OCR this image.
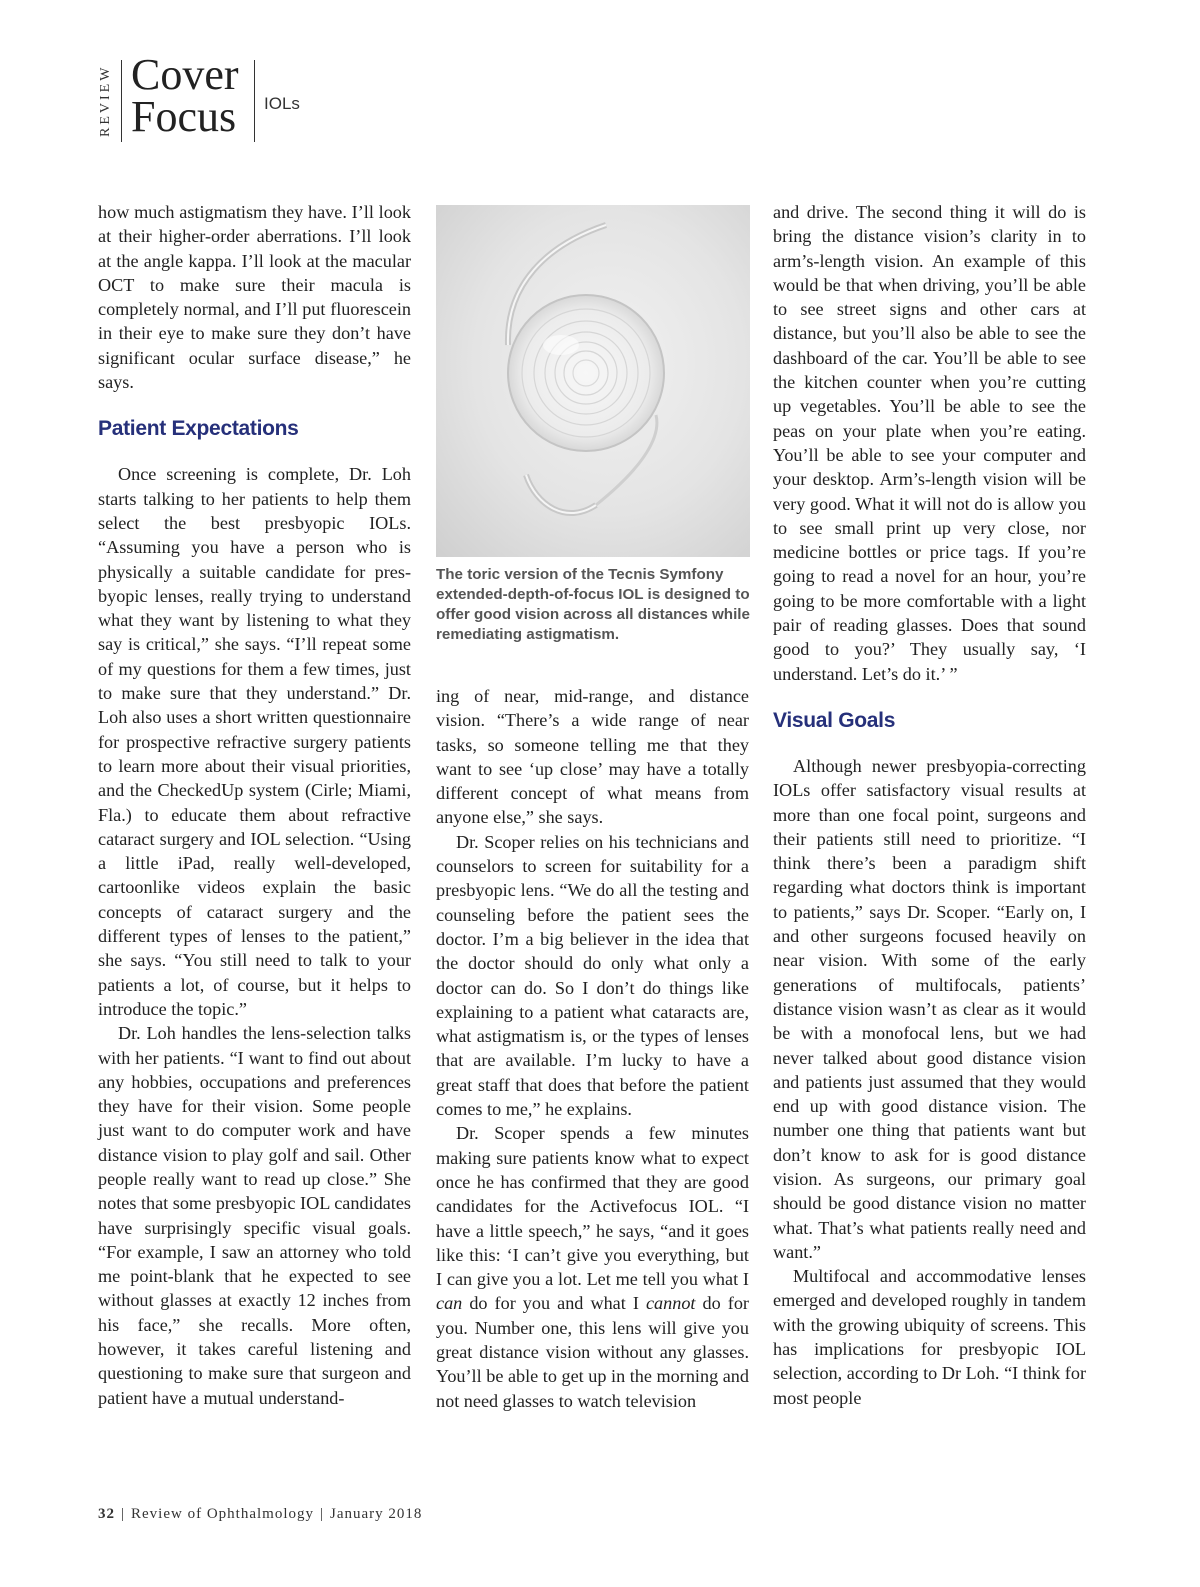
REVIEW Cover
Focus IOLs

how much astigmatism they have. I’ll look at their higher-order aberrations. I’ll look at the angle kappa. I’ll look at the macular OCT to make sure their macula is completely normal, and I’ll put fluorescein in their eye to make sure they don’t have significant ocular surface disease,” he says.

Patient Expectations

Once screening is complete, Dr. Loh starts talking to her patients to help them select the best presbyopic IOLs. “Assuming you have a person who is physically a suitable candidate for presbyopic lenses, really trying to understand what they want by listening to what they say is critical,” she says. “I’ll repeat some of my questions for them a few times, just to make sure that they understand.” Dr. Loh also uses a short written questionnaire for prospective refractive surgery patients to learn more about their visual priorities, and the CheckedUp system (Cirle; Miami, Fla.) to educate them about refractive cataract surgery and IOL selection. “Using a little iPad, really well-developed, cartoonlike videos explain the basic concepts of cataract surgery and the different types of lenses to the patient,” she says. “You still need to talk to your patients a lot, of course, but it helps to introduce the topic.”

Dr. Loh handles the lens-selection talks with her patients. “I want to find out about any hobbies, occupations and preferences they have for their vision. Some people just want to do computer work and have distance vision to play golf and sail. Other people really want to read up close.” She notes that some presbyopic IOL candidates have surprisingly specific visual goals. “For example, I saw an attorney who told me point-blank that he expected to see without glasses at exactly 12 inches from his face,” she recalls. More often, however, it takes careful listening and questioning to make sure that surgeon and patient have a mutual understand-

The toric version of the Tecnis Symfony extended-depth-of-focus IOL is designed to offer good vision across all distances while remediating astigmatism.

ing of near, mid-range, and distance vision. “There’s a wide range of near tasks, so someone telling me that they want to see ‘up close’ may have a totally different concept of what means from anyone else,” she says.

Dr. Scoper relies on his technicians and counselors to screen for suitability for a presbyopic lens. “We do all the testing and counseling before the patient sees the doctor. I’m a big believer in the idea that the doctor should do only what only a doctor can do. So I don’t do things like explaining to a patient what cataracts are, what astigmatism is, or the types of lenses that are available. I’m lucky to have a great staff that does that before the patient comes to me,” he explains.

Dr. Scoper spends a few minutes making sure patients know what to expect once he has confirmed that they are good candidates for the Activefocus IOL. “I have a little speech,” he says, “and it goes like this: ‘I can’t give you everything, but I can give you a lot. Let me tell you what I can do for you and what I cannot do for you. Number one, this lens will give you great distance vision without any glasses. You’ll be able to get up in the morning and not need glasses to watch television

and drive. The second thing it will do is bring the distance vision’s clarity in to arm’s-length vision. An example of this would be that when driving, you’ll be able to see street signs and other cars at distance, but you’ll also be able to see the dashboard of the car. You’ll be able to see the kitchen counter when you’re cutting up vegetables. You’ll be able to see the peas on your plate when you’re eating. You’ll be able to see your computer and your desktop. Arm’s-length vision will be very good. What it will not do is allow you to see small print up very close, nor medicine bottles or price tags. If you’re going to read a novel for an hour, you’re going to be more comfortable with a light pair of reading glasses. Does that sound good to you?’ They usually say, ‘I understand. Let’s do it.’ ”

Visual Goals

Although newer presbyopia-correcting IOLs offer satisfactory visual results at more than one focal point, surgeons and their patients still need to prioritize. “I think there’s been a paradigm shift regarding what doctors think is important to patients,” says Dr. Scoper. “Early on, I and other surgeons focused heavily on near vision. With some of the early generations of multifocals, patients’ distance vision wasn’t as clear as it would be with a monofocal lens, but we had never talked about good distance vision and patients just assumed that they would end up with good distance vision. The number one thing that patients want but don’t know to ask for is good distance vision. As surgeons, our primary goal should be good distance vision no matter what. That’s what patients really need and want.”

Multifocal and accommodative lenses emerged and developed roughly in tandem with the growing ubiquity of screens. This has implications for presbyopic IOL selection, according to Dr Loh. “I think for most people

32 | Review of Ophthalmology | January 2018
